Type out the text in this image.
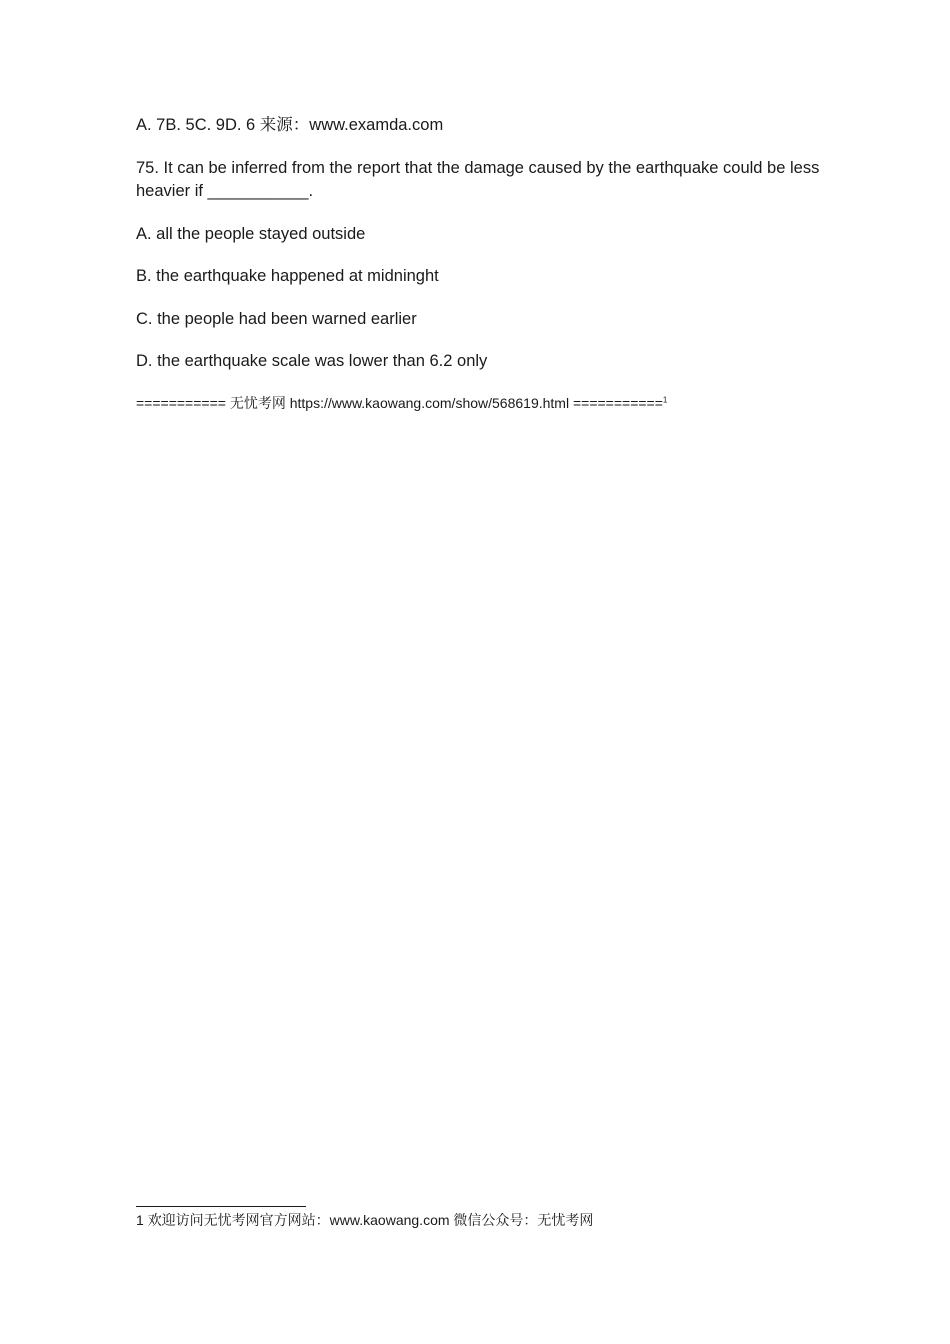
A. 7B. 5C. 9D. 6 来源：www.examda.com
75. It can be inferred from the report that the damage caused by the earthquake could be less heavier if ___________.
A. all the people stayed outside
B. the earthquake happened at midninght
C. the people had been warned earlier
D. the earthquake scale was lower than 6.2 only
=========== 无忧考网 https://www.kaowang.com/show/568619.html ===========$^1$
1 欢迎访问无忧考网官方网站：www.kaowang.com 微信公众号：无忧考网
